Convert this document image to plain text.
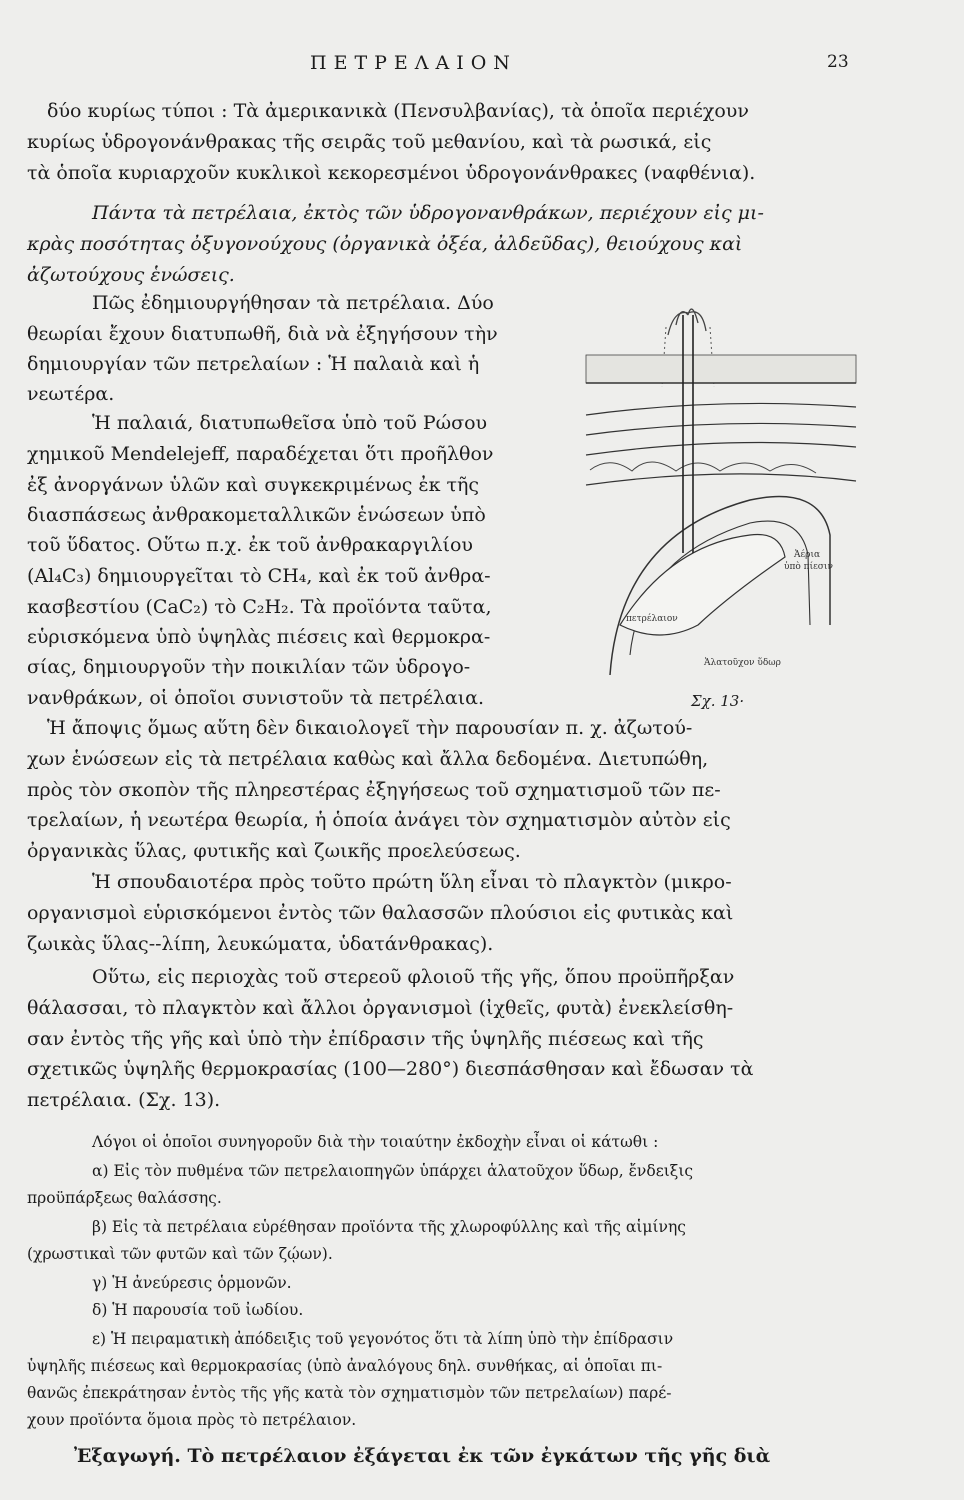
ΠΕΤΡΕΛΑΙΟΝ	23
δύο κυρίως τύποι : Τὰ ἀμερικανικὰ (Πενσυλβανίας), τὰ ὁποῖα περιέχουν
κυρίως ὑδρογονάνθρακας τῆς σειρᾶς τοῦ μεθανίου, καὶ τὰ ρωσικά, εἰς
τὰ ὁποῖα κυριαρχοῦν κυκλικοὶ κεκορεσμένοι ὑδρογονάνθρακες (ναφθένια).
Πάντα τὰ πετρέλαια, ἐκτὸς τῶν ὑδρογονανθράκων, περιέχουν εἰς μι-
κρὰς ποσότητας ὀξυγονούχους (ὀργανικὰ ὀξέα, ἀλδεῦδας), θειούχους καὶ
ἀζωτούχους ἑνώσεις.
Πῶς ἐδημιουργήθησαν τὰ πετρέλαια. Δύο
θεωρίαι ἔχουν διατυπωθῆ, διὰ νὰ ἐξηγήσουν τὴν
δημιουργίαν τῶν πετρελαίων : Ἡ παλαιὰ καὶ ἡ
νεωτέρα.
Ἡ παλαιά, διατυπωθεῖσα ὑπὸ τοῦ Ρώσου
χημικοῦ Mendelejeff, παραδέχεται ὅτι προῆλθον
ἐξ ἀνοργάνων ὑλῶν καὶ συγκεκριμένως ἐκ τῆς
διασπάσεως ἀνθρακομεταλλικῶν ἑνώσεων ὑπὸ
τοῦ ὕδατος. Οὕτω π.χ. ἐκ τοῦ ἀνθρακαργιλίου
(Al₄C₃) δημιουργεῖται τὸ CH₄, καὶ ἐκ τοῦ ἀνθρα-
κασβεστίου (CaC₂) τὸ C₂H₂. Τὰ προϊόντα ταῦτα,
εὑρισκόμενα ὑπὸ ὑψηλὰς πιέσεις καὶ θερμοκρα-
σίας, δημιουργοῦν τὴν ποικιλίαν τῶν ὑδρογο-
νανθράκων, οἱ ὁποῖοι συνιστοῦν τὰ πετρέλαια.
Ἡ ἄποψις ὅμως αὕτη δὲν δικαιολογεῖ τὴν παρουσίαν π. χ. ἀζωτού-
χων ἑνώσεων εἰς τὰ πετρέλαια καθὼς καὶ ἄλλα δεδομένα. Διετυπώθη,
πρὸς τὸν σκοπὸν τῆς πληρεστέρας ἐξηγήσεως τοῦ σχηματισμοῦ τῶν πε-
τρελαίων, ἡ νεωτέρα θεωρία, ἡ ὁποία ἀνάγει τὸν σχηματισμὸν αὐτὸν εἰς
ὀργανικὰς ὕλας, φυτικῆς καὶ ζωικῆς προελεύσεως.
Ἡ σπουδαιοτέρα πρὸς τοῦτο πρώτη ὕλη εἶναι τὸ πλαγκτὸν (μικρο-
οργανισμοὶ εὑρισκόμενοι ἐντὸς τῶν θαλασσῶν πλούσιοι εἰς φυτικὰς καὶ
ζωικὰς ὕλας--λίπη, λευκώματα, ὑδατάνθρακας).
Οὕτω, εἰς περιοχὰς τοῦ στερεοῦ φλοιοῦ τῆς γῆς, ὅπου προϋπῆρξαν
θάλασσαι, τὸ πλαγκτὸν καὶ ἄλλοι ὀργανισμοὶ (ἰχθεῖς, φυτὰ) ἐνεκλείσθη-
σαν ἐντὸς τῆς γῆς καὶ ὑπὸ τὴν ἐπίδρασιν τῆς ὑψηλῆς πιέσεως καὶ τῆς
σχετικῶς ὑψηλῆς θερμοκρασίας (100—280°) διεσπάσθησαν καὶ ἔδωσαν τὰ
πετρέλαια. (Σχ. 13).
Λόγοι οἱ ὁποῖοι συνηγοροῦν διὰ τὴν τοιαύτην ἐκδοχὴν εἶναι οἱ κάτωθι :
α) Εἰς τὸν πυθμένα τῶν πετρελαιοπηγῶν ὑπάρχει ἁλατοῦχον ὕδωρ, ἔνδειξις
προϋπάρξεως θαλάσσης.
β) Εἰς τὰ πετρέλαια εὑρέθησαν προϊόντα τῆς χλωροφύλλης καὶ τῆς αἱμίνης
(χρωστικαὶ τῶν φυτῶν καὶ τῶν ζῴων).
γ) Ἡ ἀνεύρεσις ὁρμονῶν.
δ) Ἡ παρουσία τοῦ ἰωδίου.
ε) Ἡ πειραματικὴ ἀπόδειξις τοῦ γεγονότος ὅτι τὰ λίπη ὑπὸ τὴν ἐπίδρασιν
ὑψηλῆς πιέσεως καὶ θερμοκρασίας (ὑπὸ ἀναλόγους δηλ. συνθήκας, αἱ ὁποῖαι πι-
θανῶς ἐπεκράτησαν ἐντὸς τῆς γῆς κατὰ τὸν σχηματισμὸν τῶν πετρελαίων) παρέ-
χουν προϊόντα ὅμοια πρὸς τὸ πετρέλαιον.
Ἐξαγωγή. Τὸ πετρέλαιον ἐξάγεται ἐκ τῶν ἐγκάτων τῆς γῆς διὰ
Ἀέρια
ὑπὸ πίεσιν
πετρέλαιον
Ἁλατοῦχον ὕδωρ
Σχ. 13·
